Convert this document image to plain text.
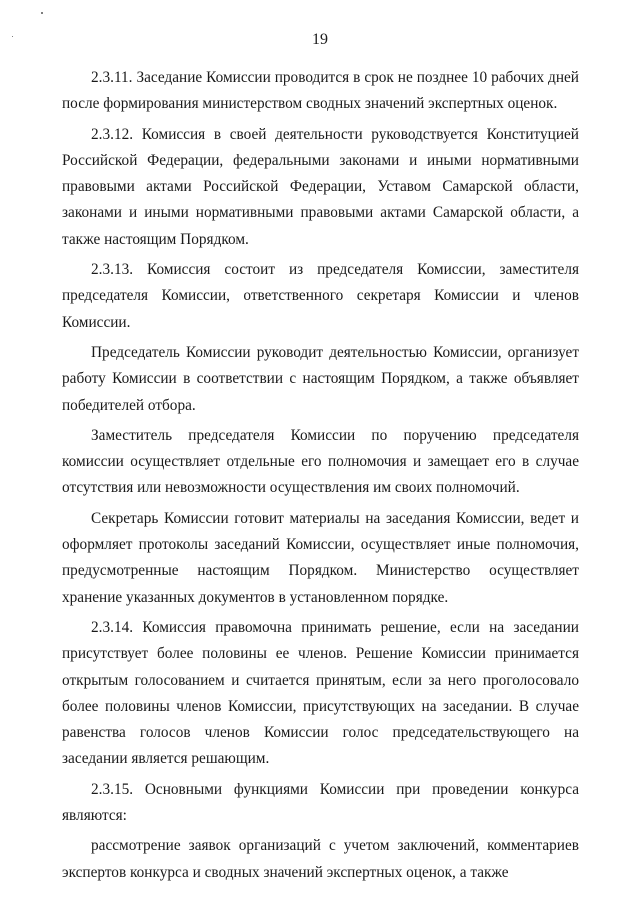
19

2.3.11. Заседание Комиссии проводится в срок не позднее 10 рабочих дней после формирования министерством сводных значений экспертных оценок.

2.3.12. Комиссия в своей деятельности руководствуется Конституцией Российской Федерации, федеральными законами и иными нормативными правовыми актами Российской Федерации, Уставом Самарской области, законами и иными нормативными правовыми актами Самарской области, а также настоящим Порядком.

2.3.13. Комиссия состоит из председателя Комиссии, заместителя председателя Комиссии, ответственного секретаря Комиссии и членов Комиссии.

Председатель Комиссии руководит деятельностью Комиссии, организует работу Комиссии в соответствии с настоящим Порядком, а также объявляет победителей отбора.

Заместитель председателя Комиссии по поручению председателя комиссии осуществляет отдельные его полномочия и замещает его в случае отсутствия или невозможности осуществления им своих полномочий.

Секретарь Комиссии готовит материалы на заседания Комиссии, ведет и оформляет протоколы заседаний Комиссии, осуществляет иные полномочия, предусмотренные настоящим Порядком. Министерство осуществляет хранение указанных документов в установленном порядке.

2.3.14. Комиссия правомочна принимать решение, если на заседании присутствует более половины ее членов. Решение Комиссии принимается открытым голосованием и считается принятым, если за него проголосовало более половины членов Комиссии, присутствующих на заседании. В случае равенства голосов членов Комиссии голос председательствующего на заседании является решающим.

2.3.15. Основными функциями Комиссии при проведении конкурса являются:

рассмотрение заявок организаций с учетом заключений, комментариев экспертов конкурса и сводных значений экспертных оценок, а также
